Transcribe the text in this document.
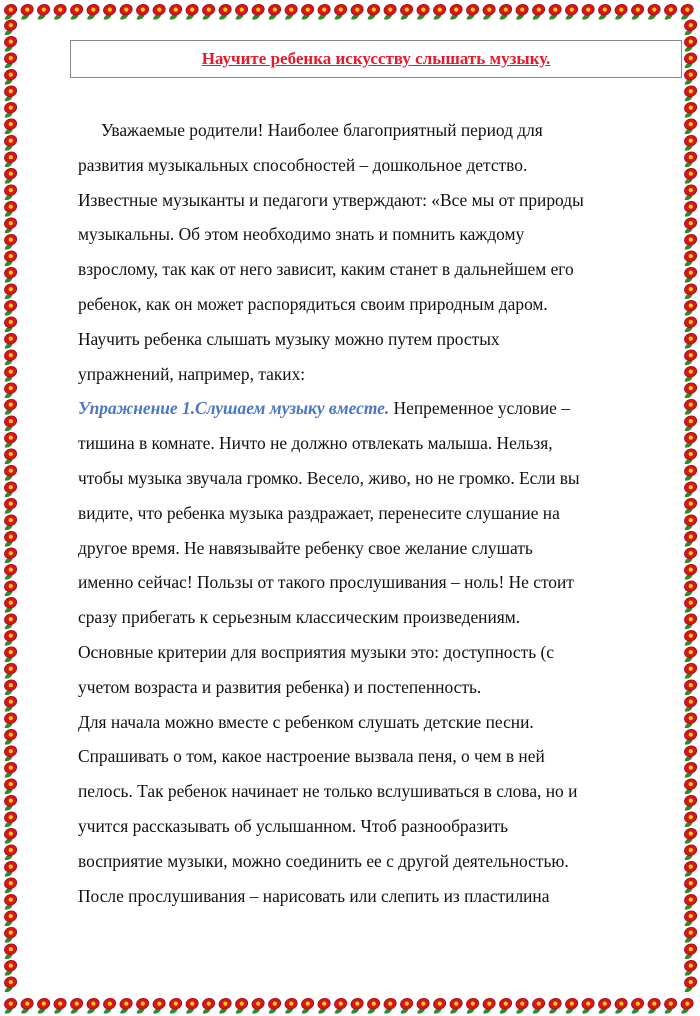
Научите ребенка искусству слышать музыку.
Уважаемые родители! Наиболее благоприятный период для
развития музыкальных способностей – дошкольное детство.
Известные музыканты и педагоги утверждают: «Все мы от природы
музыкальны. Об этом необходимо знать и помнить каждому
взрослому, так как от него зависит, каким станет в дальнейшем его
ребенок, как он может распорядиться своим природным даром.
Научить ребенка слышать музыку можно путем простых
упражнений, например, таких:
Упражнение 1.Слушаем музыку вместе. Непременное условие –
тишина в комнате. Ничто не должно отвлекать малыша. Нельзя,
чтобы музыка звучала громко. Весело, живо, но не громко. Если вы
видите, что ребенка музыка раздражает, перенесите слушание на
другое время. Не навязывайте ребенку свое желание слушать
именно сейчас! Пользы от такого прослушивания – ноль! Не стоит
сразу прибегать к серьезным классическим произведениям.
Основные критерии для восприятия музыки это: доступность (с
учетом возраста и развития ребенка) и постепенность.
Для начала можно вместе с ребенком слушать детские песни.
Спрашивать о том, какое настроение вызвала пеня, о чем в ней
пелось. Так ребенок начинает не только вслушиваться в слова, но и
учится рассказывать об услышанном. Чтоб разнообразить
восприятие музыки, можно соединить ее с другой деятельностью.
После прослушивания – нарисовать или слепить из пластилина
